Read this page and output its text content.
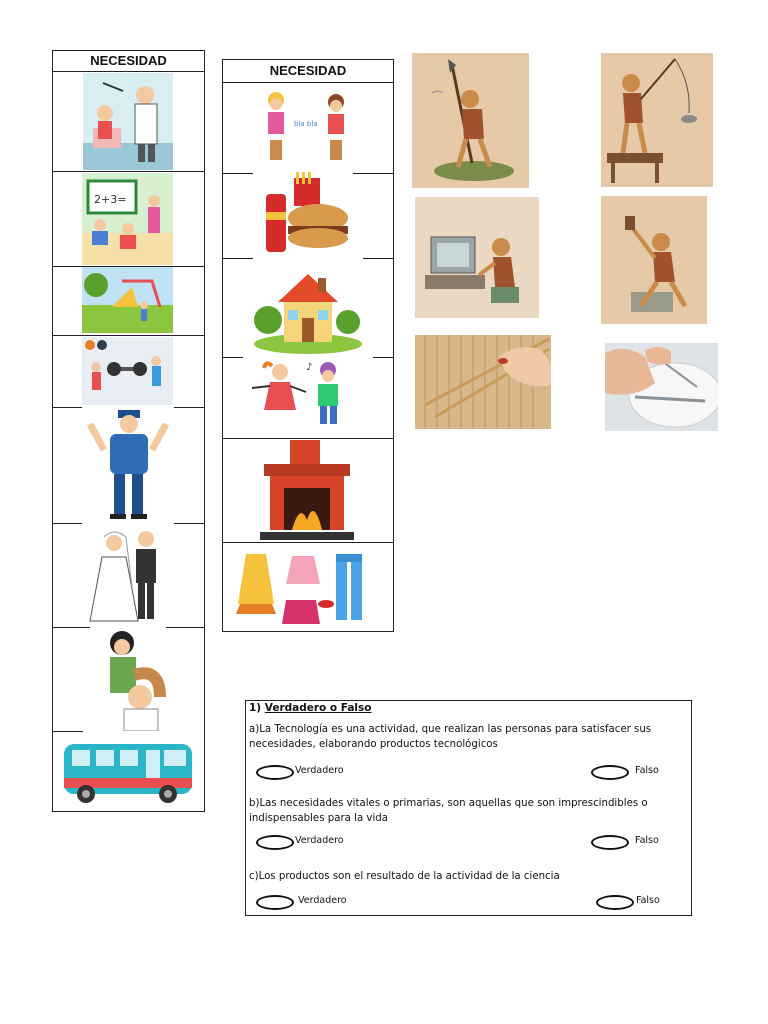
NECESIDAD
2+3=
NECESIDAD
bla bla
♪
1) Verdadero o Falso
a)La Tecnología es una actividad, que realizan las personas para satisfacer sus necesidades, elaborando productos tecnológicos
Verdadero	Falso
b)Las necesidades vitales o primarias, son aquellas que son imprescindibles o indispensables para la vida
Verdadero	Falso
c)Los productos son el resultado de la actividad de la ciencia
Verdadero	Falso
